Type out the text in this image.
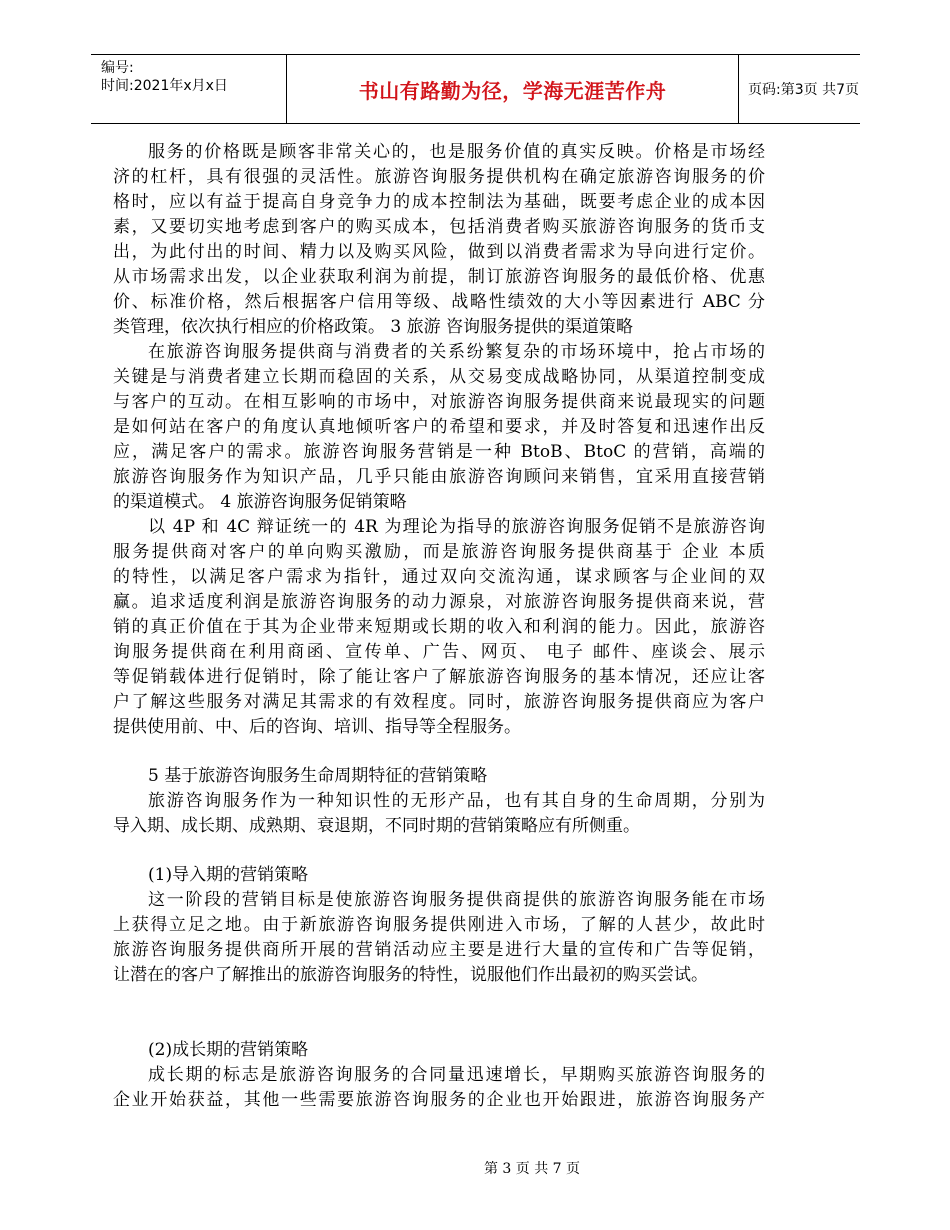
编号:
时间:2021年x月x日	书山有路勤为径，学海无涯苦作舟	页码:第3页 共7页
服务的价格既是顾客非常关心的，也是服务价值的真实反映。价格是市场经
济的杠杆，具有很强的灵活性。旅游咨询服务提供机构在确定旅游咨询服务的价
格时，应以有益于提高自身竞争力的成本控制法为基础，既要考虑企业的成本因
素，又要切实地考虑到客户的购买成本，包括消费者购买旅游咨询服务的货币支
出，为此付出的时间、精力以及购买风险，做到以消费者需求为导向进行定价。
从市场需求出发，以企业获取利润为前提，制订旅游咨询服务的最低价格、优惠
价、标准价格，然后根据客户信用等级、战略性绩效的大小等因素进行 ABC 分
类管理，依次执行相应的价格政策。 3 旅游 咨询服务提供的渠道策略
在旅游咨询服务提供商与消费者的关系纷繁复杂的市场环境中，抢占市场的
关键是与消费者建立长期而稳固的关系，从交易变成战略协同，从渠道控制变成
与客户的互动。在相互影响的市场中，对旅游咨询服务提供商来说最现实的问题
是如何站在客户的角度认真地倾听客户的希望和要求，并及时答复和迅速作出反
应，满足客户的需求。旅游咨询服务营销是一种 BtoB、BtoC 的营销，高端的
旅游咨询服务作为知识产品，几乎只能由旅游咨询顾问来销售，宜采用直接营销
的渠道模式。 4 旅游咨询服务促销策略
以 4P 和 4C 辩证统一的 4R 为理论为指导的旅游咨询服务促销不是旅游咨询
服务提供商对客户的单向购买激励，而是旅游咨询服务提供商基于 企业 本质
的特性，以满足客户需求为指针，通过双向交流沟通，谋求顾客与企业间的双
赢。追求适度利润是旅游咨询服务的动力源泉，对旅游咨询服务提供商来说，营
销的真正价值在于其为企业带来短期或长期的收入和利润的能力。因此，旅游咨
询服务提供商在利用商函、宣传单、广告、网页、 电子 邮件、座谈会、展示
等促销载体进行促销时，除了能让客户了解旅游咨询服务的基本情况，还应让客
户了解这些服务对满足其需求的有效程度。同时，旅游咨询服务提供商应为客户
提供使用前、中、后的咨询、培训、指导等全程服务。
5 基于旅游咨询服务生命周期特征的营销策略
旅游咨询服务作为一种知识性的无形产品，也有其自身的生命周期，分别为
导入期、成长期、成熟期、衰退期，不同时期的营销策略应有所侧重。
(1)导入期的营销策略
这一阶段的营销目标是使旅游咨询服务提供商提供的旅游咨询服务能在市场
上获得立足之地。由于新旅游咨询服务提供刚进入市场，了解的人甚少，故此时
旅游咨询服务提供商所开展的营销活动应主要是进行大量的宣传和广告等促销，
让潜在的客户了解推出的旅游咨询服务的特性，说服他们作出最初的购买尝试。
(2)成长期的营销策略
成长期的标志是旅游咨询服务的合同量迅速增长，早期购买旅游咨询服务的
企业开始获益，其他一些需要旅游咨询服务的企业也开始跟进，旅游咨询服务产
第 3 页 共 7 页
